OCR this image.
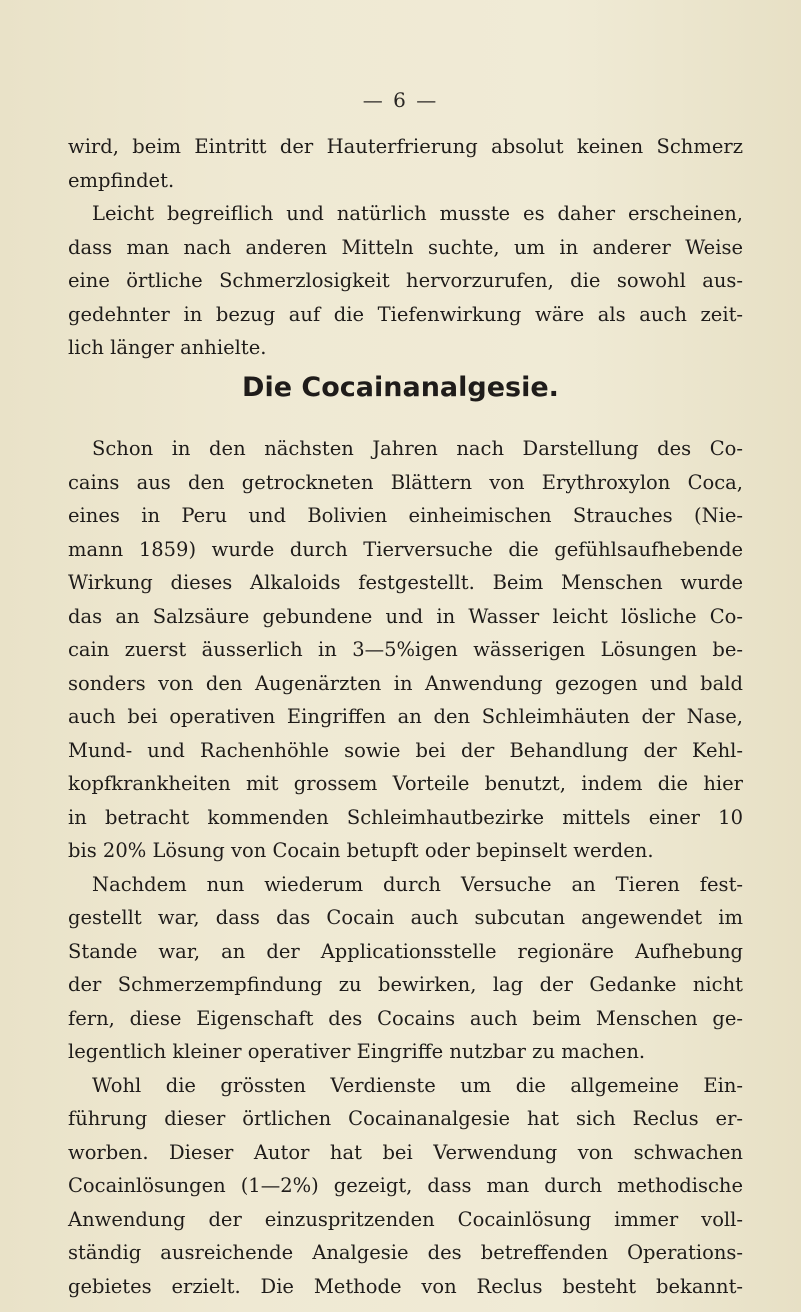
— 6 —
wird, beim Eintritt der Hauterfrierung absolut keinen Schmerz
empfindet.
Leicht begreiflich und natürlich musste es daher erscheinen,
dass man nach anderen Mitteln suchte, um in anderer Weise
eine örtliche Schmerzlosigkeit hervorzurufen, die sowohl aus-
gedehnter in bezug auf die Tiefenwirkung wäre als auch zeit-
lich länger anhielte.
Die Cocainanalgesie.
Schon in den nächsten Jahren nach Darstellung des Co-
cains aus den getrockneten Blättern von Erythroxylon Coca,
eines in Peru und Bolivien einheimischen Strauches (Nie-
mann 1859) wurde durch Tierversuche die gefühlsaufhebende
Wirkung dieses Alkaloids festgestellt. Beim Menschen wurde
das an Salzsäure gebundene und in Wasser leicht lösliche Co-
cain zuerst äusserlich in 3—5%igen wässerigen Lösungen be-
sonders von den Augenärzten in Anwendung gezogen und bald
auch bei operativen Eingriffen an den Schleimhäuten der Nase,
Mund- und Rachenhöhle sowie bei der Behandlung der Kehl-
kopfkrankheiten mit grossem Vorteile benutzt, indem die hier
in betracht kommenden Schleimhautbezirke mittels einer 10
bis 20% Lösung von Cocain betupft oder bepinselt werden.
Nachdem nun wiederum durch Versuche an Tieren fest-
gestellt war, dass das Cocain auch subcutan angewendet im
Stande war, an der Applicationsstelle regionäre Aufhebung
der Schmerzempfindung zu bewirken, lag der Gedanke nicht
fern, diese Eigenschaft des Cocains auch beim Menschen ge-
legentlich kleiner operativer Eingriffe nutzbar zu machen.
Wohl die grössten Verdienste um die allgemeine Ein-
führung dieser örtlichen Cocainanalgesie hat sich Reclus er-
worben. Dieser Autor hat bei Verwendung von schwachen
Cocainlösungen (1—2%) gezeigt, dass man durch methodische
Anwendung der einzuspritzenden Cocainlösung immer voll-
ständig ausreichende Analgesie des betreffenden Operations-
gebietes erzielt. Die Methode von Reclus besteht bekannt-
